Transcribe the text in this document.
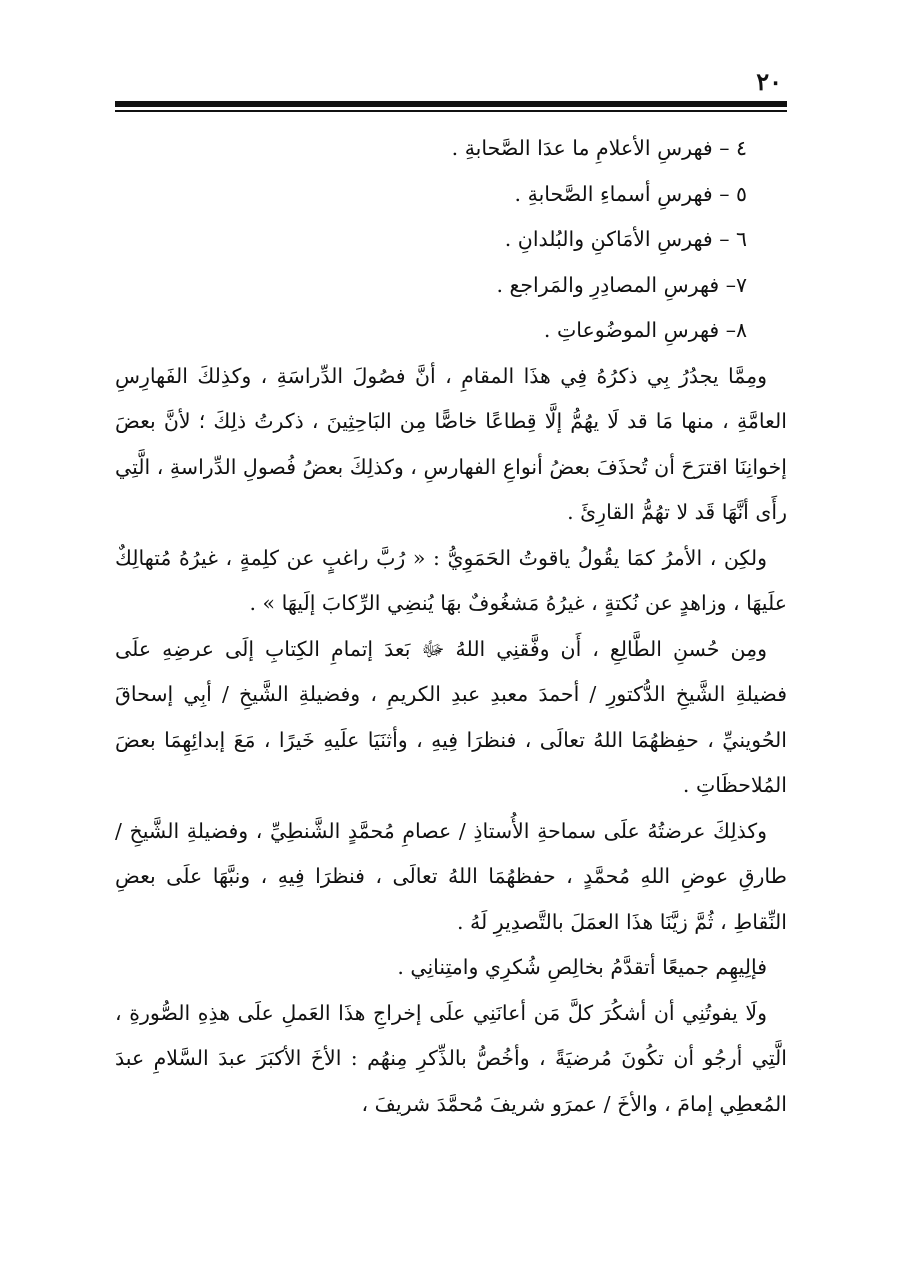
٢٠
٤ – فهرسِ الأعلامِ ما عدَا الصَّحابةِ .
٥ – فهرسِ أسماءِ الصَّحابةِ .
٦ – فهرسِ الأمَاكنِ والبُلدانِ .
٧– فهرسِ المصادِرِ والمَراجع .
٨– فهرسِ الموضُوعاتِ .

ومِمَّا يجدُرُ بِي ذكرُهُ فِي هذَا المقامِ ، أنَّ فصُولَ الدِّراسَةِ ، وكذِلكَ الفَهارِسِ العامَّةِ ، منها مَا قد لَا يهُمُّ إلَّا قِطاعًا خاصًّا مِن البَاحِثِينَ ، ذكرتُ ذلِكَ ؛ لأنَّ بعضَ إخوانِنَا اقترَحَ أن تُحذَفَ بعضُ أنواعِ الفهارسِ ، وكذلِكَ بعضُ فُصولِ الدِّراسةِ ، الَّتِي رأَى أنَّهَا قَد لا تهُمُّ القارِئَ .

ولكِن ، الأمرُ كمَا يقُولُ ياقوتُ الحَمَوِيُّ : « رُبَّ راغبٍ عن كلِمةٍ ، غيرُهُ مُتهالِكٌ علَيهَا ، وزاهدٍ عن نُكتةٍ ، غيرُهُ مَشغُوفٌ بهَا يُنضِي الرِّكابَ إلَيهَا » .

ومِن حُسنِ الطَّالِعِ ، أَن وفَّقنِي اللهُ ﷻ بَعدَ إتمامِ الكِتابِ إلَى عرضِهِ علَى فضيلةِ الشَّيخِ الدُّكتورِ / أحمدَ معبدِ عبدِ الكريمِ ، وفضيلةِ الشَّيخِ / أبِي إسحاقَ الحُوينيِّ ، حفِظهُمَا اللهُ تعالَى ، فنظرَا فِيهِ ، وأثنَيَا علَيهِ خَيرًا ، مَعَ إبدائِهِمَا بعضَ المُلاحظَاتِ .

وكذلِكَ عرضتُهُ علَى سماحةِ الأُستاذِ / عصامِ مُحمَّدٍ الشَّنطِيِّ ، وفضيلةِ الشَّيخِ / طارقِ عوضِ اللهِ مُحمَّدٍ ، حفظهُمَا اللهُ تعالَى ، فنظرَا فِيهِ ، ونبَّهَا علَى بعضِ النِّقاطِ ، ثُمَّ زيَّنَا هذَا العمَلَ بالتَّصدِيرِ لَهُ .

فإلِيهِم جميعًا أتقدَّمُ بخالِصِ شُكرِي وامتِنانِي .

ولَا يفوتُنِي أن أشكُرَ كلَّ مَن أعانَنِي علَى إخراجِ هذَا العَملِ علَى هذِهِ الصُّورةِ ، الَّتِي أرجُو أن تكُونَ مُرضيَةً ، وأخُصُّ بالذِّكرِ مِنهُم : الأخَ الأكبَرَ عبدَ السَّلامِ عبدَ المُعطِي إمامَ ، والأخَ / عمرَو شريفَ مُحمَّدَ شريفَ ،
